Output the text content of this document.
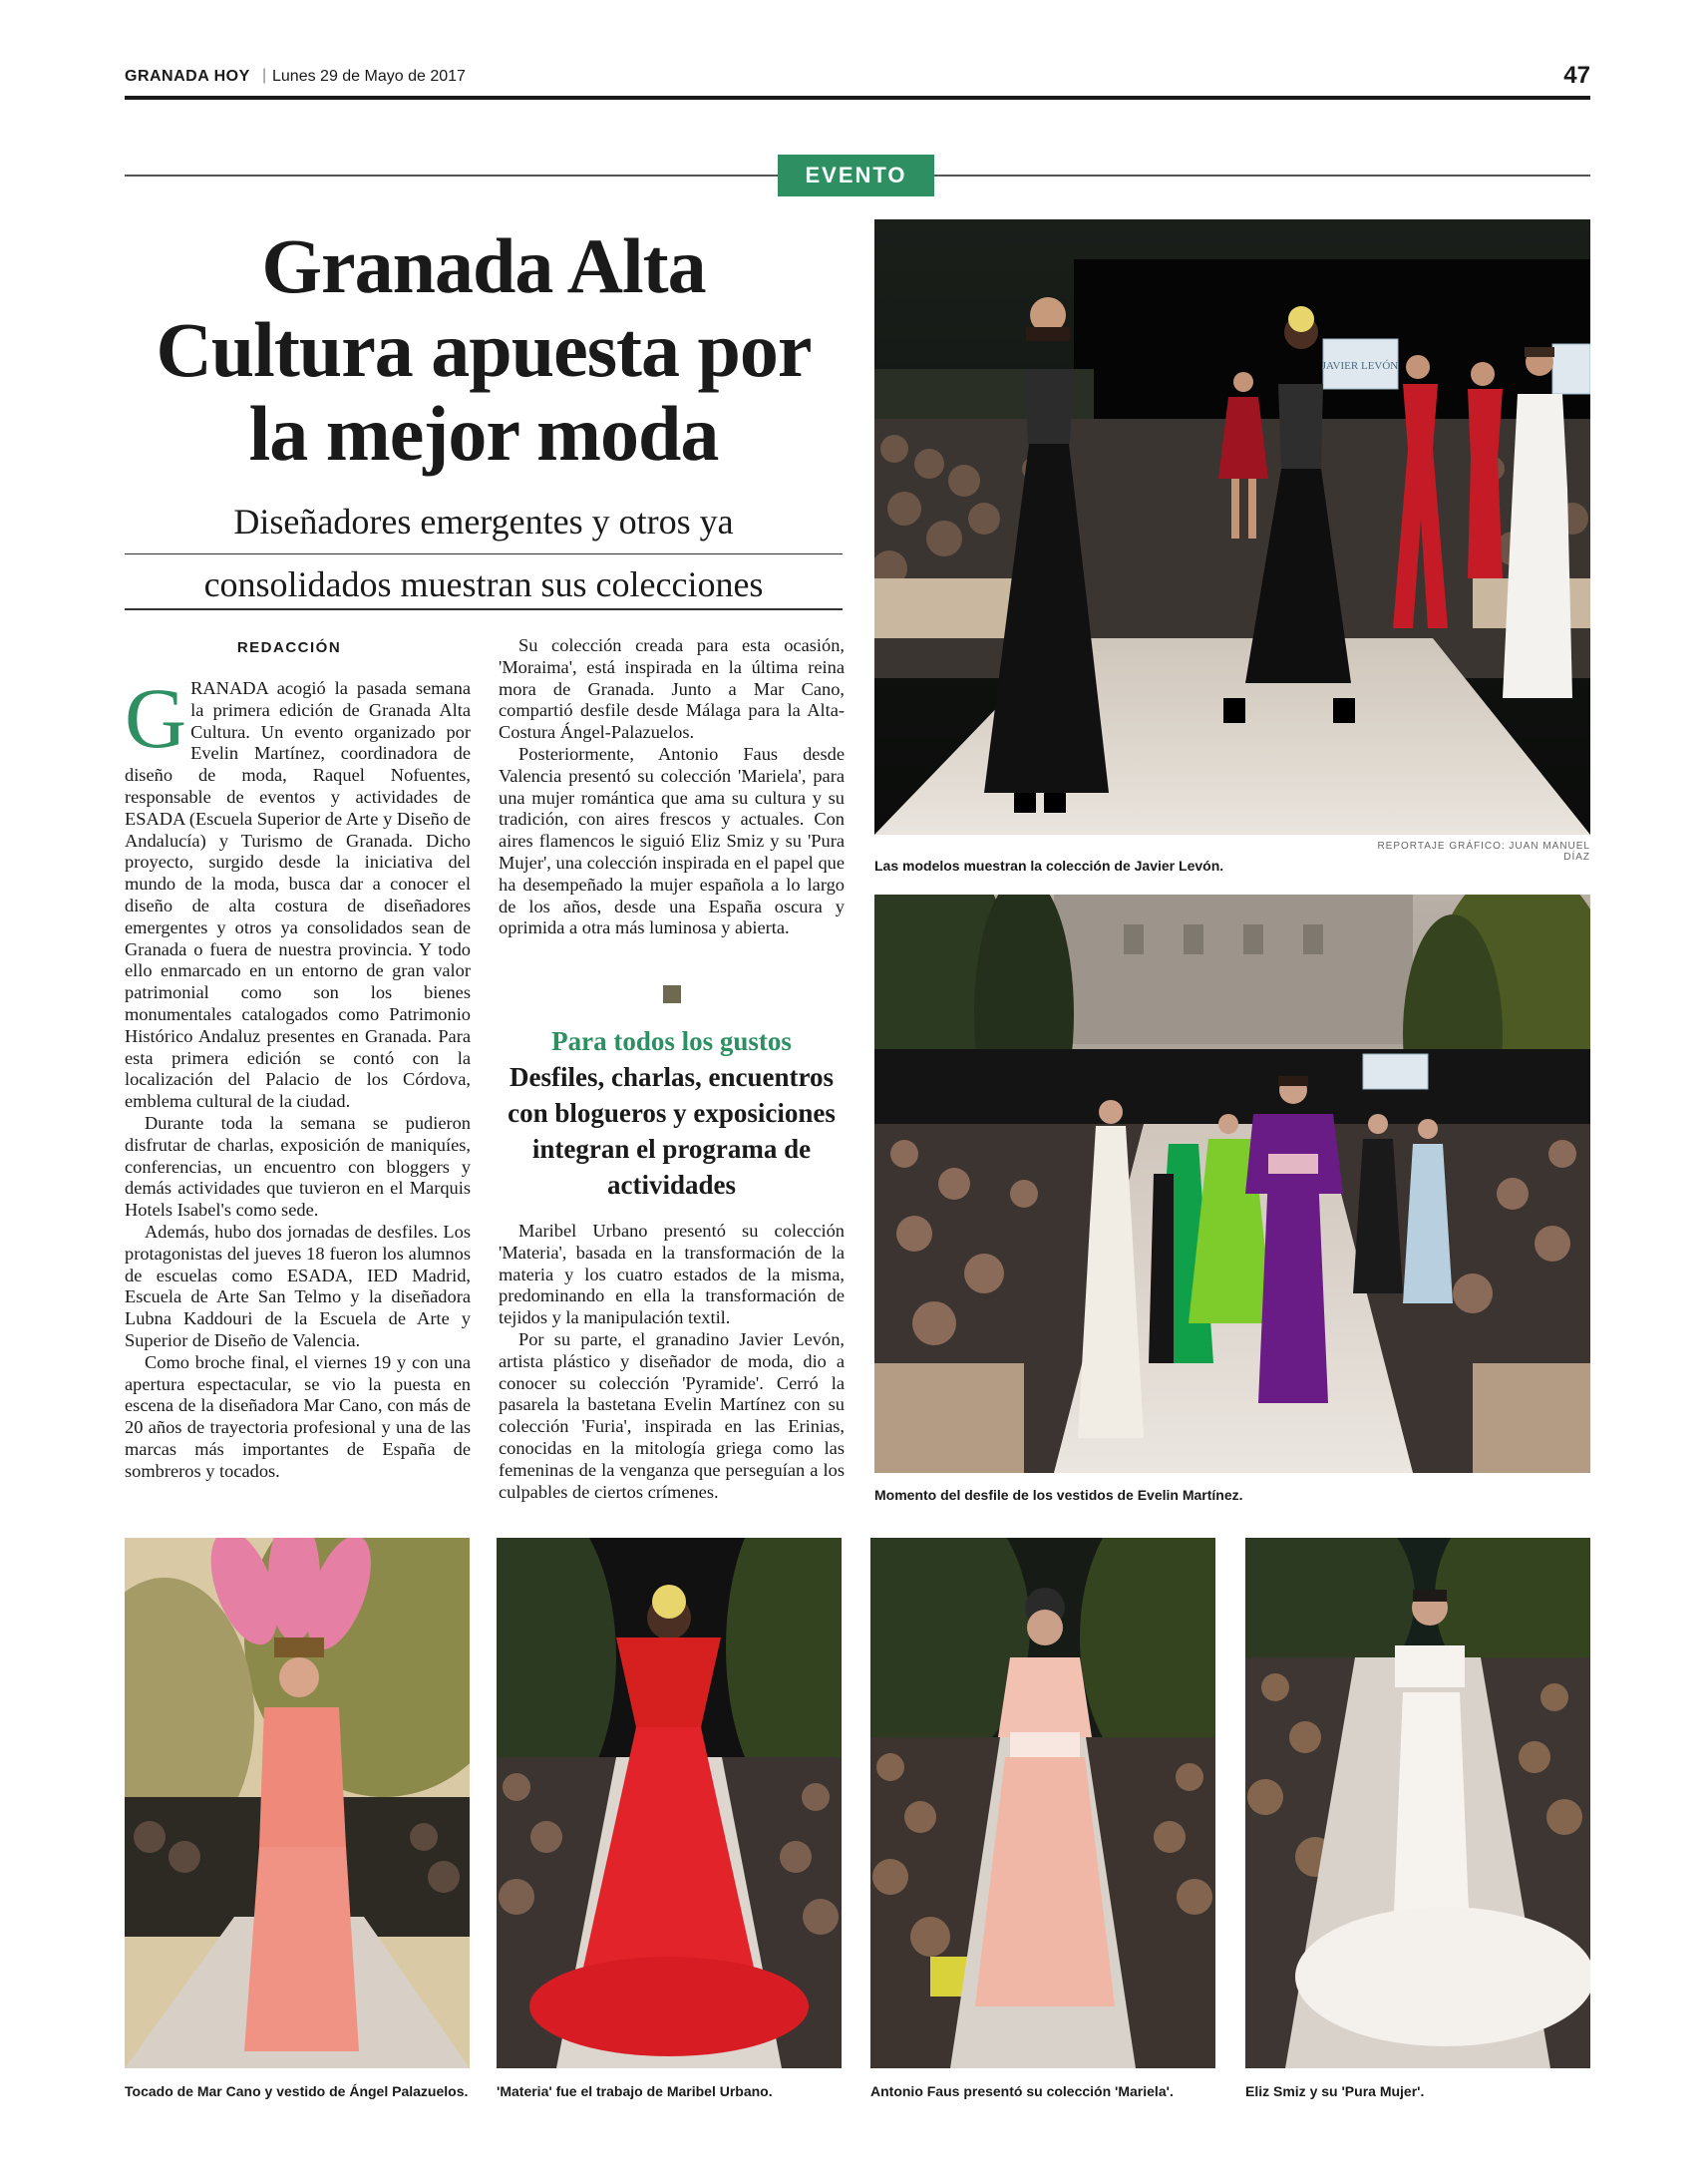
GRANADA HOY | Lunes 29 de Mayo de 2017	47
EVENTO
Granada Alta Cultura apuesta por la mejor moda
Diseñadores emergentes y otros ya
consolidados muestran sus colecciones
REDACCIÓN

GRANADA acogió la pasada semana la primera edición de Granada Alta Cultura. Un evento organizado por Evelin Martínez, coordinadora de diseño de moda, Raquel Nofuentes, responsable de eventos y actividades de ESADA (Escuela Superior de Arte y Diseño de Andalucía) y Turismo de Granada. Dicho proyecto, surgido desde la iniciativa del mundo de la moda, busca dar a conocer el diseño de alta costura de diseñadores emergentes y otros ya consolidados sean de Granada o fuera de nuestra provincia. Y todo ello enmarcado en un entorno de gran valor patrimonial como son los bienes monumentales catalogados como Patrimonio Histórico Andaluz presentes en Granada. Para esta primera edición se contó con la localización del Palacio de los Córdova, emblema cultural de la ciudad.

Durante toda la semana se pudieron disfrutar de charlas, exposición de maniquíes, conferencias, un encuentro con bloggers y demás actividades que tuvieron en el Marquis Hotels Isabel's como sede.

Además, hubo dos jornadas de desfiles. Los protagonistas del jueves 18 fueron los alumnos de escuelas como ESADA, IED Madrid, Escuela de Arte San Telmo y la diseñadora Lubna Kaddouri de la Escuela de Arte y Superior de Diseño de Valencia.

Como broche final, el viernes 19 y con una apertura espectacular, se vio la puesta en escena de la diseñadora Mar Cano, con más de 20 años de trayectoria profesional y una de las marcas más importantes de España de sombreros y tocados.

Su colección creada para esta ocasión, 'Moraima', está inspirada en la última reina mora de Granada. Junto a Mar Cano, compartió desfile desde Málaga para la Alta-Costura Ángel-Palazuelos.

Posteriormente, Antonio Faus desde Valencia presentó su colección 'Mariela', para una mujer romántica que ama su cultura y su tradición, con aires frescos y actuales. Con aires flamencos le siguió Eliz Smiz y su 'Pura Mujer', una colección inspirada en el papel que ha desempeñado la mujer española a lo largo de los años, desde una España oscura y oprimida a otra más luminosa y abierta.

Para todos los gustos
Desfiles, charlas, encuentros con blogueros y exposiciones integran el programa de actividades

Maribel Urbano presentó su colección 'Materia', basada en la transformación de la materia y los cuatro estados de la misma, predominando en ella la transformación de tejidos y la manipulación textil.

Por su parte, el granadino Javier Levón, artista plástico y diseñador de moda, dio a conocer su colección 'Pyramide'. Cerró la pasarela la bastetana Evelin Martínez con su colección 'Furia', inspirada en las Erinias, conocidas en la mitología griega como las femeninas de la venganza que perseguían a los culpables de ciertos crímenes.

JAVIER LEVÓN
REPORTAJE GRÁFICO: JUAN MANUEL DÍAZ
Las modelos muestran la colección de Javier Levón.
Momento del desfile de los vestidos de Evelin Martínez.
Tocado de Mar Cano y vestido de Ángel Palazuelos.	'Materia' fue el trabajo de Maribel Urbano.	Antonio Faus presentó su colección 'Mariela'.	Eliz Smiz y su 'Pura Mujer'.
